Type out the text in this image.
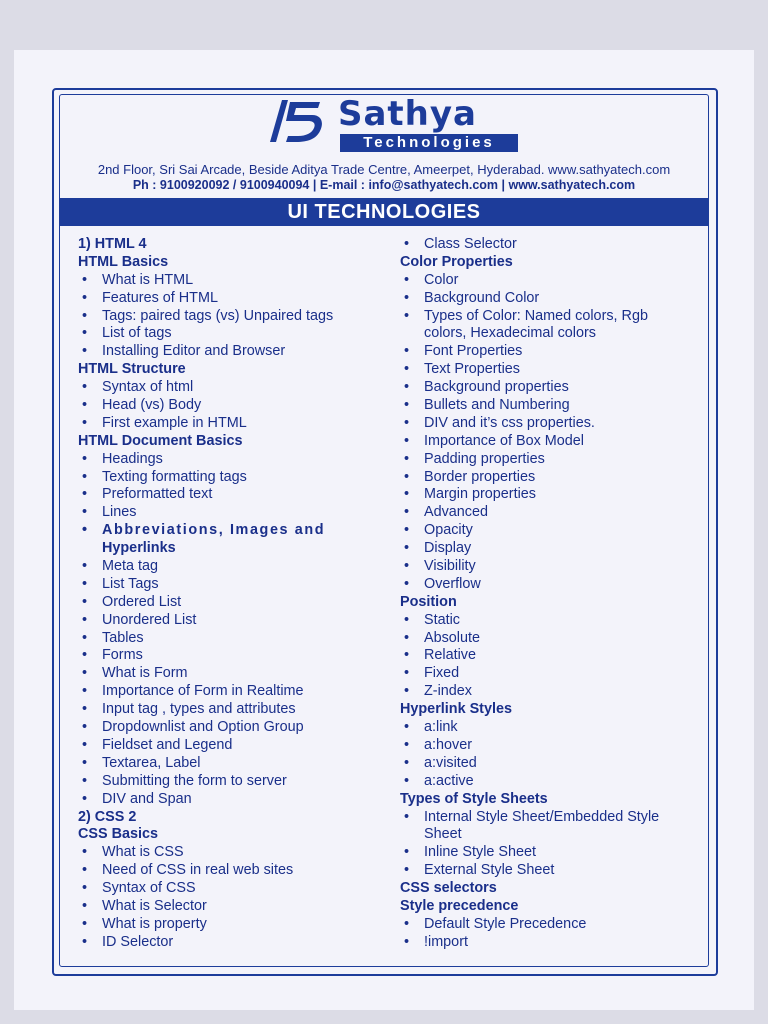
Sathya
Technologies
2nd Floor, Sri Sai Arcade, Beside Aditya Trade Centre, Ameerpet, Hyderabad. www.sathyatech.com
Ph : 9100920092 / 9100940094 | E-mail : info@sathyatech.com | www.sathyatech.com
UI TECHNOLOGIES
1) HTML 4
HTML Basics
• What is HTML
• Features of HTML
• Tags: paired tags (vs) Unpaired tags
• List of tags
• Installing Editor and Browser
HTML Structure
• Syntax of html
• Head (vs) Body
• First example in HTML
HTML Document Basics
• Headings
• Texting formatting tags
• Preformatted text
• Lines
• Abbreviations, Images and
Hyperlinks
• Meta tag
• List Tags
• Ordered List
• Unordered List
• Tables
• Forms
• What is Form
• Importance of Form in Realtime
• Input tag , types and attributes
• Dropdownlist and Option Group
• Fieldset and Legend
• Textarea, Label
• Submitting the form to server
• DIV and Span
2) CSS 2
CSS Basics
• What is CSS
• Need of CSS in real web sites
• Syntax of CSS
• What is Selector
• What is property
• ID Selector
• Class Selector
Color Properties
• Color
• Background Color
• Types of Color: Named colors, Rgb
colors, Hexadecimal colors
• Font Properties
• Text Properties
• Background properties
• Bullets and Numbering
• DIV and it’s css properties.
• Importance of Box Model
• Padding properties
• Border properties
• Margin properties
• Advanced
• Opacity
• Display
• Visibility
• Overflow
Position
• Static
• Absolute
• Relative
• Fixed
• Z-index
Hyperlink Styles
• a:link
• a:hover
• a:visited
• a:active
Types of Style Sheets
• Internal Style Sheet/Embedded Style
Sheet
• Inline Style Sheet
• External Style Sheet
CSS selectors
Style precedence
• Default Style Precedence
• !import
